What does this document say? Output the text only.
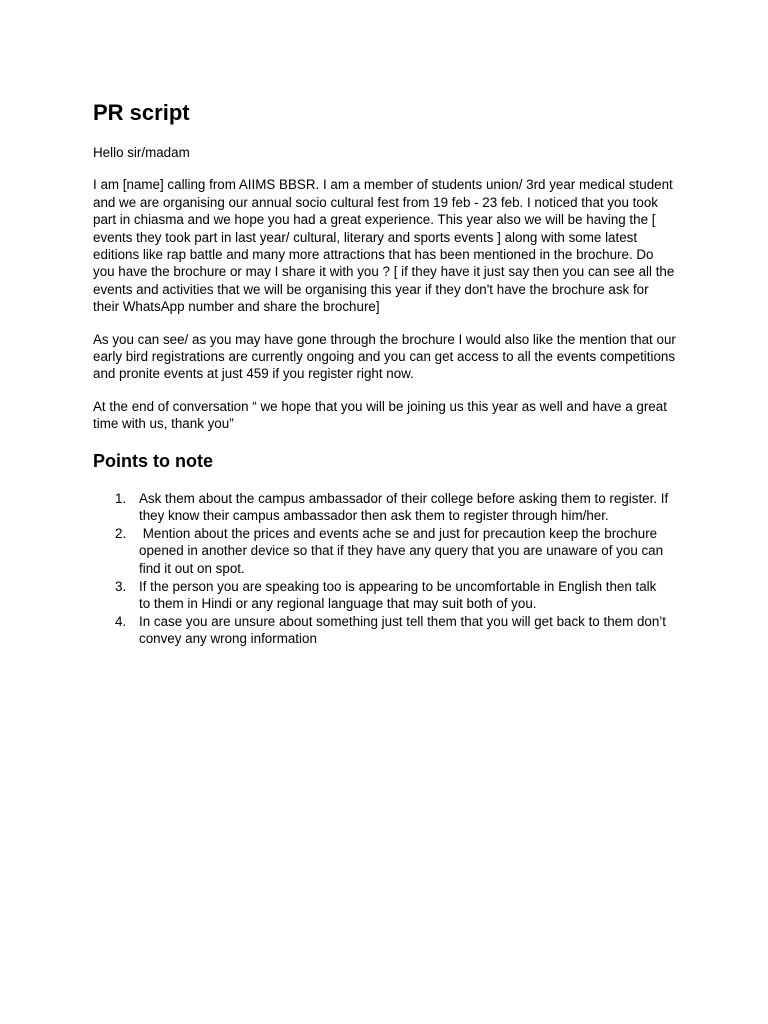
PR script

Hello sir/madam

I am [name] calling from AIIMS BBSR. I am a member of students union/ 3rd year medical student and we are organising our annual socio cultural fest from 19 feb - 23 feb. I noticed that you took part in chiasma and we hope you had a great experience. This year also we will be having the [ events they took part in last year/ cultural, literary and sports events ] along with some latest editions like rap battle and many more attractions that has been mentioned in the brochure. Do you have the brochure or may I share it with you ? [ if they have it just say then you can see all the events and activities that we will be organising this year if they don't have the brochure ask for their WhatsApp number and share the brochure]

As you can see/ as you may have gone through the brochure I would also like the mention that our early bird registrations are currently ongoing and you can get access to all the events competitions and pronite events at just 459 if you register right now.

At the end of conversation “ we hope that you will be joining us this year as well and have a great time with us, thank you”

Points to note
1. Ask them about the campus ambassador of their college before asking them to register. If they know their campus ambassador then ask them to register through him/her.
2. Mention about the prices and events ache se and just for precaution keep the brochure opened in another device so that if they have any query that you are unaware of you can find it out on spot.
3. If the person you are speaking too is appearing to be uncomfortable in English then talk to them in Hindi or any regional language that may suit both of you.
4. In case you are unsure about something just tell them that you will get back to them don’t convey any wrong information
